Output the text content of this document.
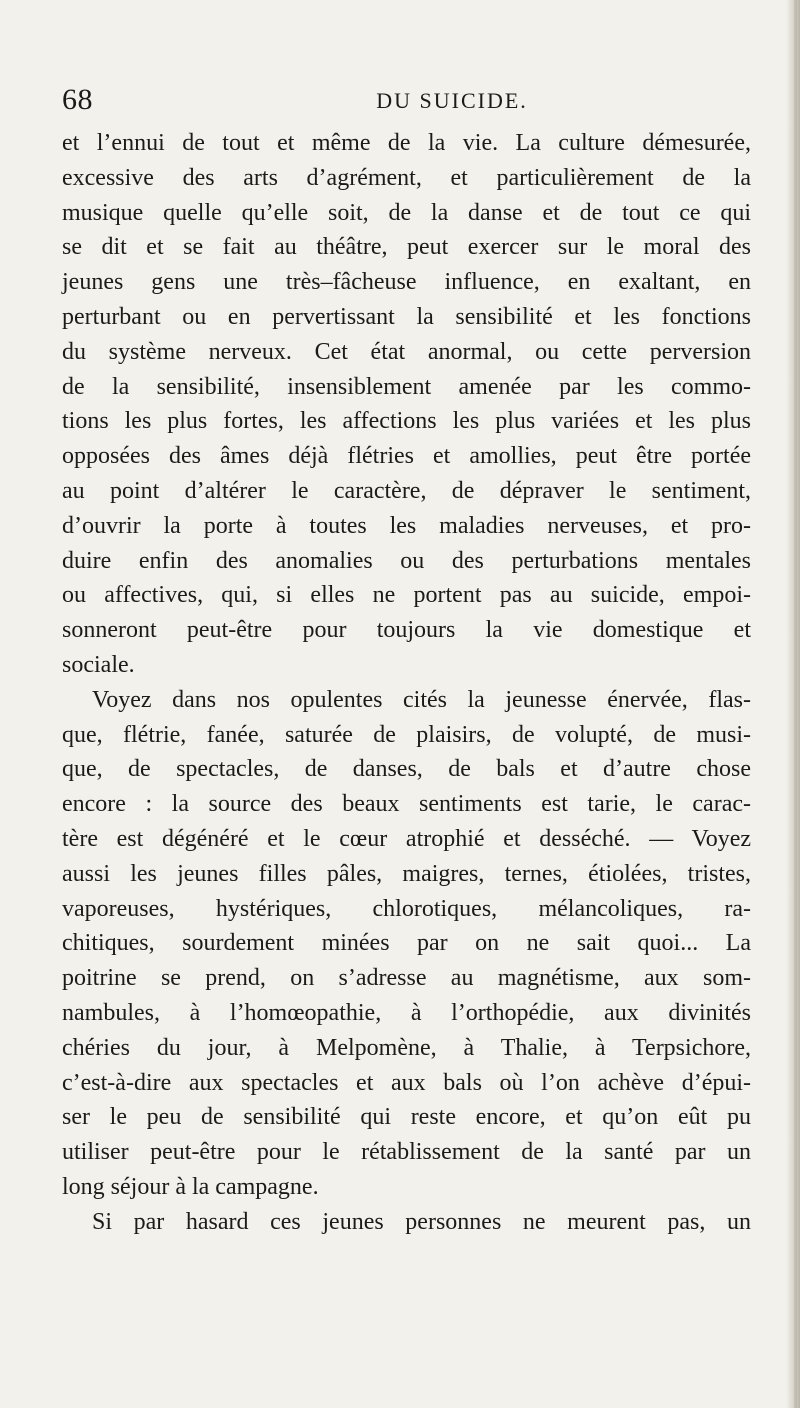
68	DU SUICIDE.
et l’ennui de tout et même de la vie. La culture démesurée,
excessive des arts d’agrément, et particulièrement de la
musique quelle qu’elle soit, de la danse et de tout ce qui
se dit et se fait au théâtre, peut exercer sur le moral des
jeunes gens une très–fâcheuse influence, en exaltant, en
perturbant ou en pervertissant la sensibilité et les fonctions
du système nerveux. Cet état anormal, ou cette perversion
de la sensibilité, insensiblement amenée par les commo-
tions les plus fortes, les affections les plus variées et les plus
opposées des âmes déjà flétries et amollies, peut être portée
au point d’altérer le caractère, de dépraver le sentiment,
d’ouvrir la porte à toutes les maladies nerveuses, et pro-
duire enfin des anomalies ou des perturbations mentales
ou affectives, qui, si elles ne portent pas au suicide, empoi-
sonneront peut-être pour toujours la vie domestique et
sociale.
Voyez dans nos opulentes cités la jeunesse énervée, flas-
que, flétrie, fanée, saturée de plaisirs, de volupté, de musi-
que, de spectacles, de danses, de bals et d’autre chose
encore : la source des beaux sentiments est tarie, le carac-
tère est dégénéré et le cœur atrophié et desséché. — Voyez
aussi les jeunes filles pâles, maigres, ternes, étiolées, tristes,
vaporeuses, hystériques, chlorotiques, mélancoliques, ra-
chitiques, sourdement minées par on ne sait quoi... La
poitrine se prend, on s’adresse au magnétisme, aux som-
nambules, à l’homœopathie, à l’orthopédie, aux divinités
chéries du jour, à Melpomène, à Thalie, à Terpsichore,
c’est-à-dire aux spectacles et aux bals où l’on achève d’épui-
ser le peu de sensibilité qui reste encore, et qu’on eût pu
utiliser peut-être pour le rétablissement de la santé par un
long séjour à la campagne.
Si par hasard ces jeunes personnes ne meurent pas, un
